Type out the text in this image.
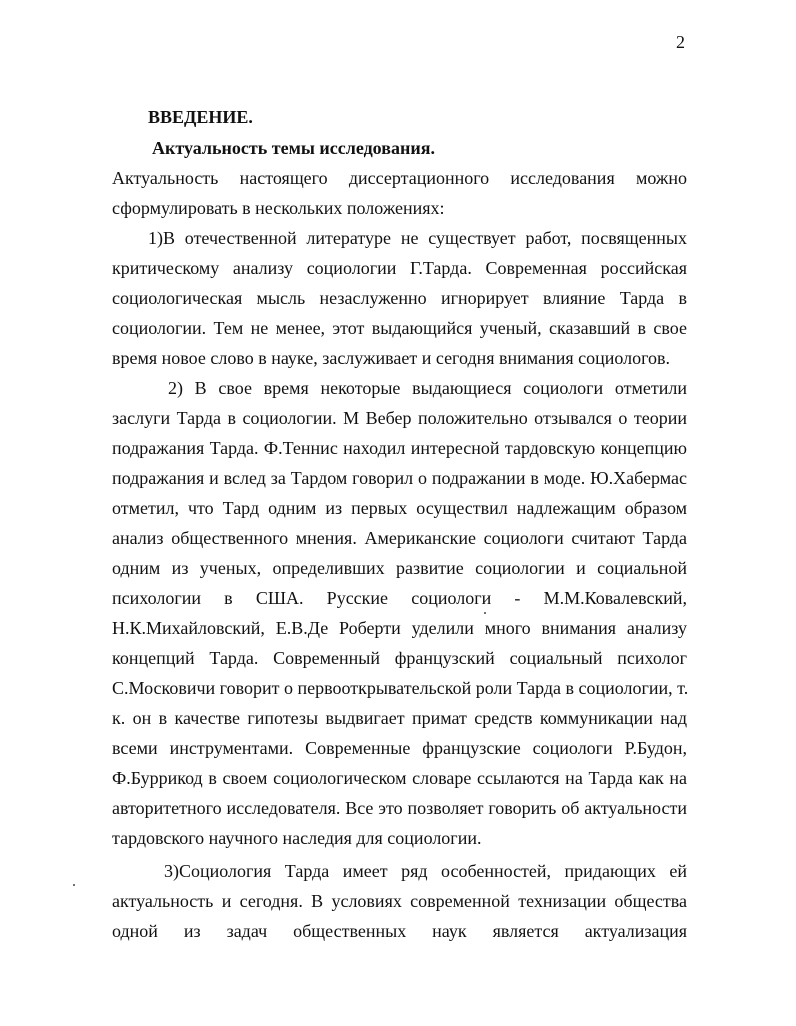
2
ВВЕДЕНИЕ.
Актуальность темы исследования.
Актуальность настоящего диссертационного исследования можно
сформулировать в нескольких положениях:
1)В отечественной литературе не существует работ, посвященных
критическому анализу социологии Г.Тарда. Современная российская
социологическая мысль незаслуженно игнорирует влияние Тарда в
социологии. Тем не менее, этот выдающийся ученый, сказавший в свое
время новое слово в науке, заслуживает и сегодня внимания социологов.
2) В свое время некоторые выдающиеся социологи отметили
заслуги Тарда в социологии. М Вебер положительно отзывался о теории
подражания Тарда. Ф.Теннис находил интересной тардовскую концепцию
подражания и вслед за Тардом говорил о подражании в моде. Ю.Хабермас
отметил, что Тард одним из первых осуществил надлежащим образом
анализ общественного мнения. Американские социологи считают Тарда
одним из ученых, определивших развитие социологии и социальной
психологии в США. Русские социологи - М.М.Ковалевский,
Н.К.Михайловский, Е.В.Де Роберти уделили много внимания анализу
концепций Тарда. Современный французский социальный психолог
С.Московичи говорит о первооткрывательской роли Тарда в социологии, т.
к. он в качестве гипотезы выдвигает примат средств коммуникации над
всеми инструментами. Современные французские социологи Р.Будон,
Ф.Буррикод в своем социологическом словаре ссылаются на Тарда как на
авторитетного исследователя. Все это позволяет говорить об актуальности
тардовского научного наследия для социологии.
3)Социология Тарда имеет ряд особенностей, придающих ей
актуальность и сегодня. В условиях современной технизации общества
одной из задач общественных наук является актуализация
